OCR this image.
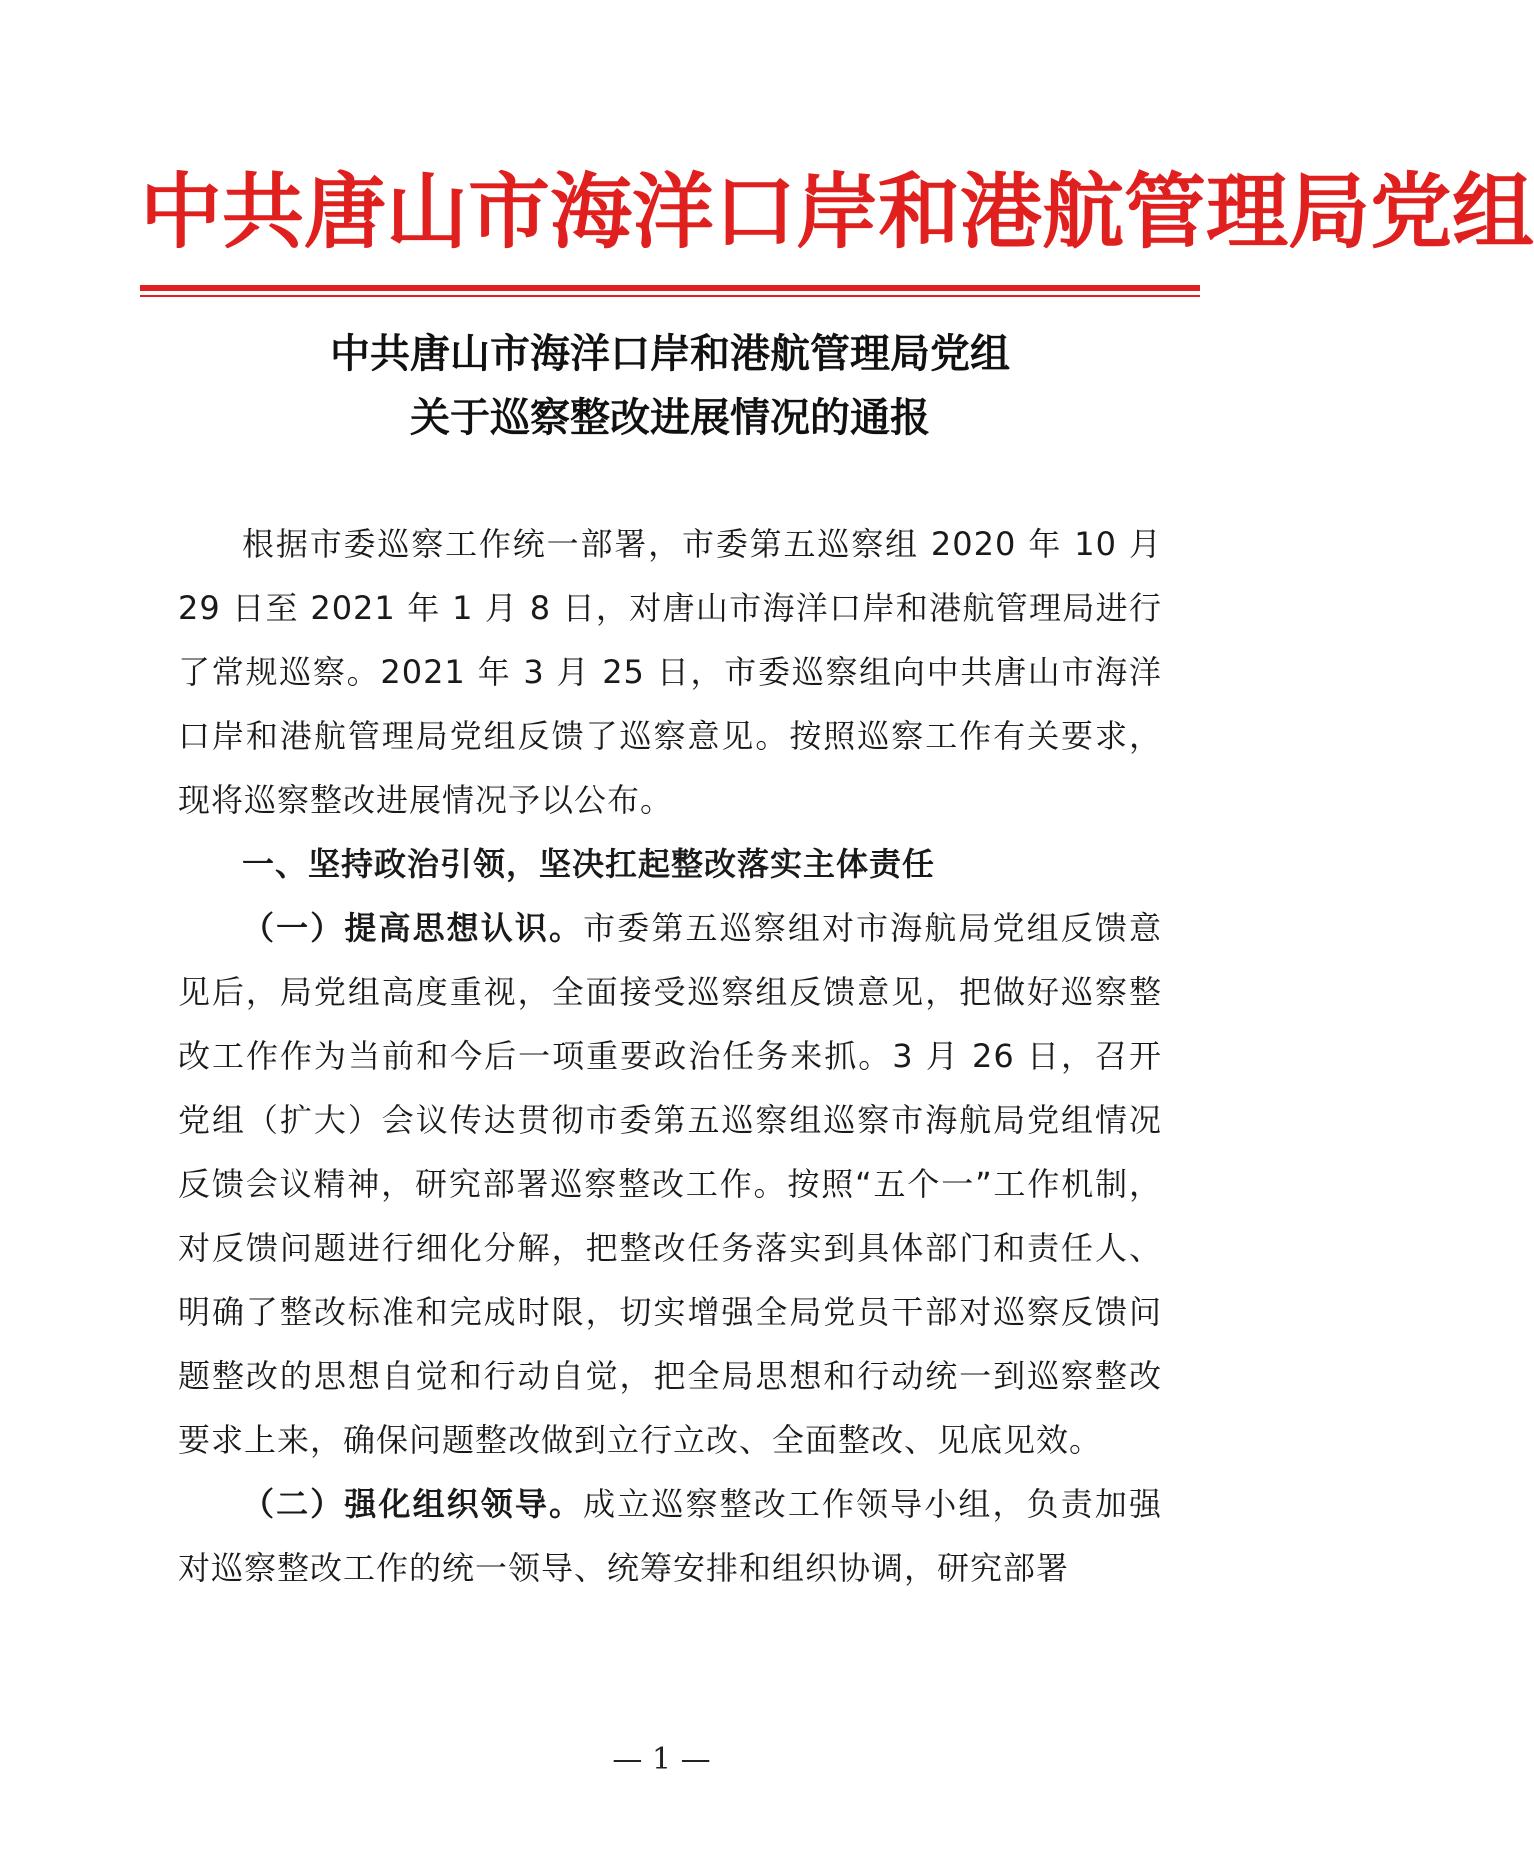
中共唐山市海洋口岸和港航管理局党组
中共唐山市海洋口岸和港航管理局党组
关于巡察整改进展情况的通报

根据市委巡察工作统一部署，市委第五巡察组 2020 年 10 月 29 日至 2021 年 1 月 8 日，对唐山市海洋口岸和港航管理局进行了常规巡察。2021 年 3 月 25 日，市委巡察组向中共唐山市海洋口岸和港航管理局党组反馈了巡察意见。按照巡察工作有关要求，现将巡察整改进展情况予以公布。

一、坚持政治引领，坚决扛起整改落实主体责任

（一）提高思想认识。市委第五巡察组对市海航局党组反馈意见后，局党组高度重视，全面接受巡察组反馈意见，把做好巡察整改工作作为当前和今后一项重要政治任务来抓。3 月 26 日，召开党组（扩大）会议传达贯彻市委第五巡察组巡察市海航局党组情况反馈会议精神，研究部署巡察整改工作。按照“五个一”工作机制，对反馈问题进行细化分解，把整改任务落实到具体部门和责任人、明确了整改标准和完成时限，切实增强全局党员干部对巡察反馈问题整改的思想自觉和行动自觉，把全局思想和行动统一到巡察整改要求上来，确保问题整改做到立行立改、全面整改、见底见效。

（二）强化组织领导。成立巡察整改工作领导小组，负责加强对巡察整改工作的统一领导、统筹安排和组织协调，研究部署

— 1 —
